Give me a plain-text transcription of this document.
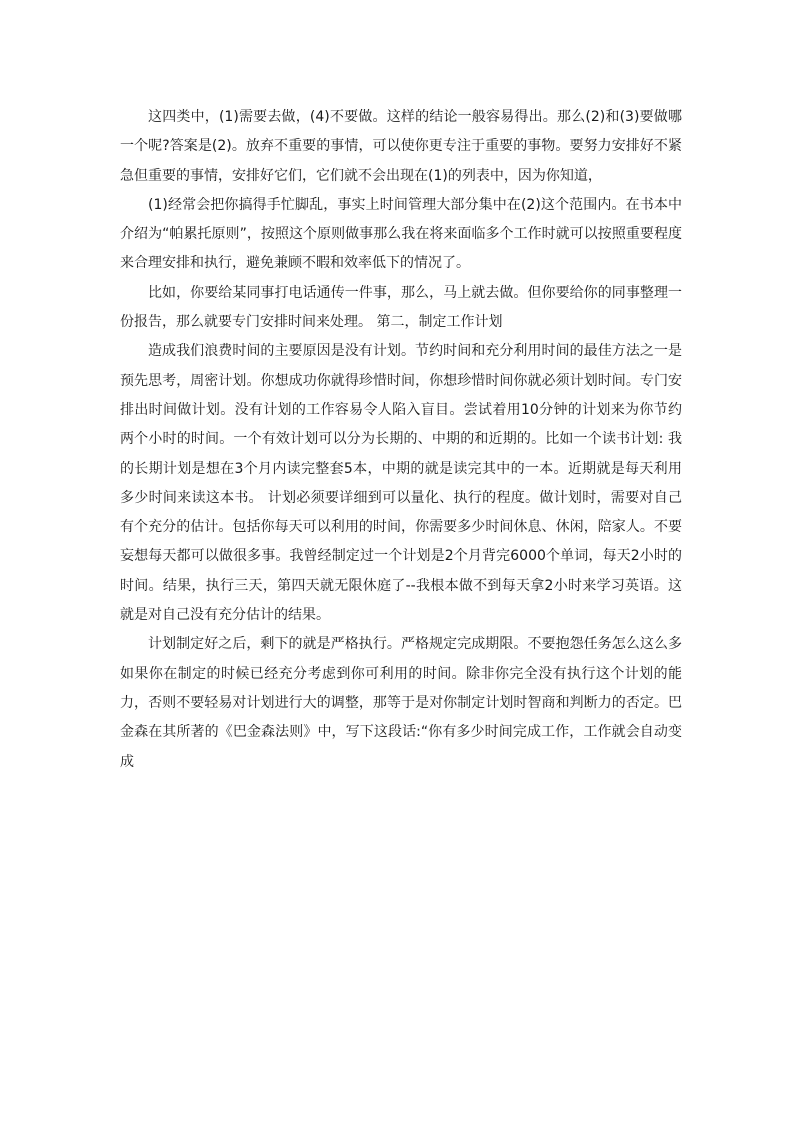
这四类中，(1)需要去做，(4)不要做。这样的结论一般容易得出。那么(2)和(3)要做哪一个呢?答案是(2)。放弃不重要的事情，可以使你更专注于重要的事物。要努力安排好不紧急但重要的事情，安排好它们，它们就不会出现在(1)的列表中，因为你知道，

(1)经常会把你搞得手忙脚乱，事实上时间管理大部分集中在(2)这个范围内。在书本中介绍为“帕累托原则”，按照这个原则做事那么我在将来面临多个工作时就可以按照重要程度来合理安排和执行，避免兼顾不暇和效率低下的情况了。

比如，你要给某同事打电话通传一件事，那么，马上就去做。但你要给你的同事整理一份报告，那么就要专门安排时间来处理。 第二，制定工作计划

造成我们浪费时间的主要原因是没有计划。节约时间和充分利用时间的最佳方法之一是预先思考，周密计划。你想成功你就得珍惜时间，你想珍惜时间你就必须计划时间。专门安排出时间做计划。没有计划的工作容易令人陷入盲目。尝试着用10分钟的计划来为你节约两个小时的时间。一个有效计划可以分为长期的、中期的和近期的。比如一个读书计划: 我的长期计划是想在3个月内读完整套5本，中期的就是读完其中的一本。近期就是每天利用多少时间来读这本书。 计划必须要详细到可以量化、执行的程度。做计划时，需要对自己有个充分的估计。包括你每天可以利用的时间，你需要多少时间休息、休闲，陪家人。不要妄想每天都可以做很多事。我曾经制定过一个计划是2个月背完6000个单词，每天2小时的时间。结果，执行三天，第四天就无限休庭了--我根本做不到每天拿2小时来学习英语。这就是对自己没有充分估计的结果。

计划制定好之后，剩下的就是严格执行。严格规定完成期限。不要抱怨任务怎么这么多如果你在制定的时候已经充分考虑到你可利用的时间。除非你完全没有执行这个计划的能力，否则不要轻易对计划进行大的调整，那等于是对你制定计划时智商和判断力的否定。巴金森在其所著的《巴金森法则》中，写下这段话:“你有多少时间完成工作，工作就会自动变成
